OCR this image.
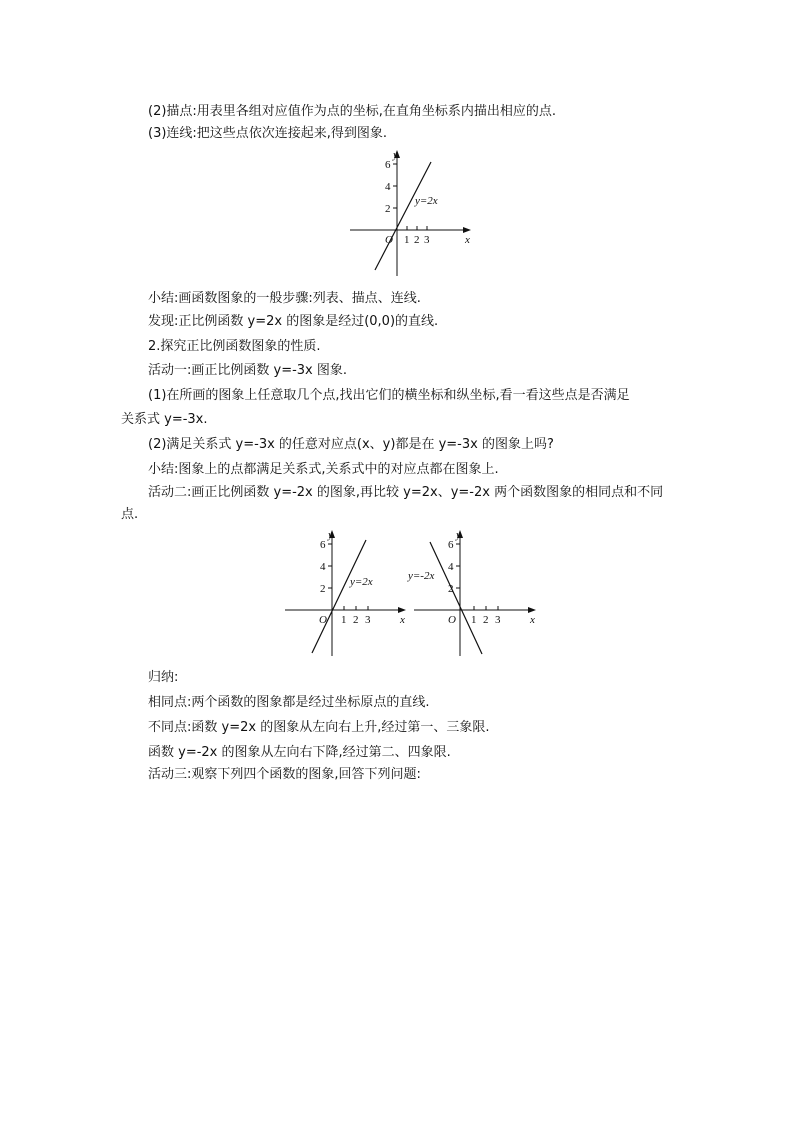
(2)描点:用表里各组对应值作为点的坐标,在直角坐标系内描出相应的点.
(3)连线:把这些点依次连接起来,得到图象.
y
x
O
2
4
6
1 2 3
y=2x
小结:画函数图象的一般步骤:列表、描点、连线.
发现:正比例函数 y=2x 的图象是经过(0,0)的直线.
2.探究正比例函数图象的性质.
活动一:画正比例函数 y=-3x 图象.
(1)在所画的图象上任意取几个点,找出它们的横坐标和纵坐标,看一看这些点是否满足
关系式 y=-3x.
(2)满足关系式 y=-3x 的任意对应点(x、y)都是在 y=-3x 的图象上吗?
小结:图象上的点都满足关系式,关系式中的对应点都在图象上.
活动二:画正比例函数 y=-2x 的图象,再比较 y=2x、y=-2x 两个函数图象的相同点和不同
点.
y
x
O
2
4
6
1 2 3
y=2x
y
x
O
2
4
6
1 2 3
y=-2x
归纳:
相同点:两个函数的图象都是经过坐标原点的直线.
不同点:函数 y=2x 的图象从左向右上升,经过第一、三象限.
函数 y=-2x 的图象从左向右下降,经过第二、四象限.
活动三:观察下列四个函数的图象,回答下列问题:
